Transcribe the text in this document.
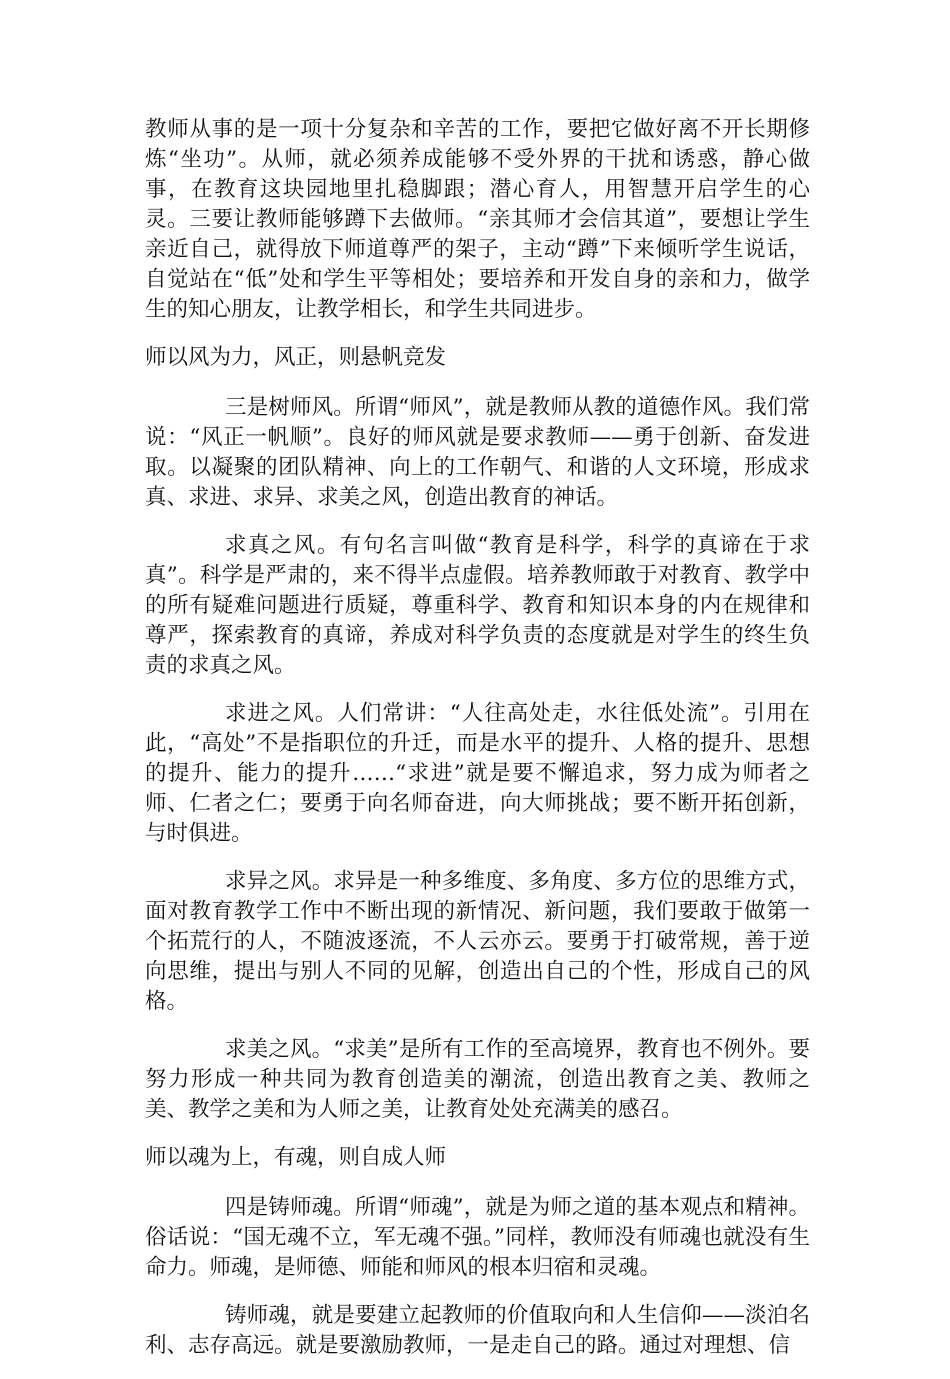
教师从事的是一项十分复杂和辛苦的工作，要把它做好离不开长期修炼“坐功”。从师，就必须养成能够不受外界的干扰和诱惑，静心做事，在教育这块园地里扎稳脚跟；潜心育人，用智慧开启学生的心灵。三要让教师能够蹲下去做师。“亲其师才会信其道”，要想让学生亲近自己，就得放下师道尊严的架子，主动“蹲”下来倾听学生说话，自觉站在“低”处和学生平等相处；要培养和开发自身的亲和力，做学生的知心朋友，让教学相长，和学生共同进步。

师以风为力，风正，则悬帆竞发

三是树师风。所谓“师风”，就是教师从教的道德作风。我们常说：“风正一帆顺”。良好的师风就是要求教师——勇于创新、奋发进取。以凝聚的团队精神、向上的工作朝气、和谐的人文环境，形成求真、求进、求异、求美之风，创造出教育的神话。

求真之风。有句名言叫做“教育是科学，科学的真谛在于求真”。科学是严肃的，来不得半点虚假。培养教师敢于对教育、教学中的所有疑难问题进行质疑，尊重科学、教育和知识本身的内在规律和尊严，探索教育的真谛，养成对科学负责的态度就是对学生的终生负责的求真之风。

求进之风。人们常讲：“人往高处走，水往低处流”。引用在此，“高处”不是指职位的升迁，而是水平的提升、人格的提升、思想的提升、能力的提升……“求进”就是要不懈追求，努力成为师者之师、仁者之仁；要勇于向名师奋进，向大师挑战；要不断开拓创新，与时俱进。

求异之风。求异是一种多维度、多角度、多方位的思维方式，面对教育教学工作中不断出现的新情况、新问题，我们要敢于做第一个拓荒行的人，不随波逐流，不人云亦云。要勇于打破常规，善于逆向思维，提出与别人不同的见解，创造出自己的个性，形成自己的风格。

求美之风。“求美”是所有工作的至高境界，教育也不例外。要努力形成一种共同为教育创造美的潮流，创造出教育之美、教师之美、教学之美和为人师之美，让教育处处充满美的感召。

师以魂为上，有魂，则自成人师

四是铸师魂。所谓“师魂”，就是为师之道的基本观点和精神。俗话说：“国无魂不立，军无魂不强。”同样，教师没有师魂也就没有生命力。师魂，是师德、师能和师风的根本归宿和灵魂。

铸师魂，就是要建立起教师的价值取向和人生信仰——淡泊名利、志存高远。就是要激励教师，一是走自己的路。通过对理想、信
